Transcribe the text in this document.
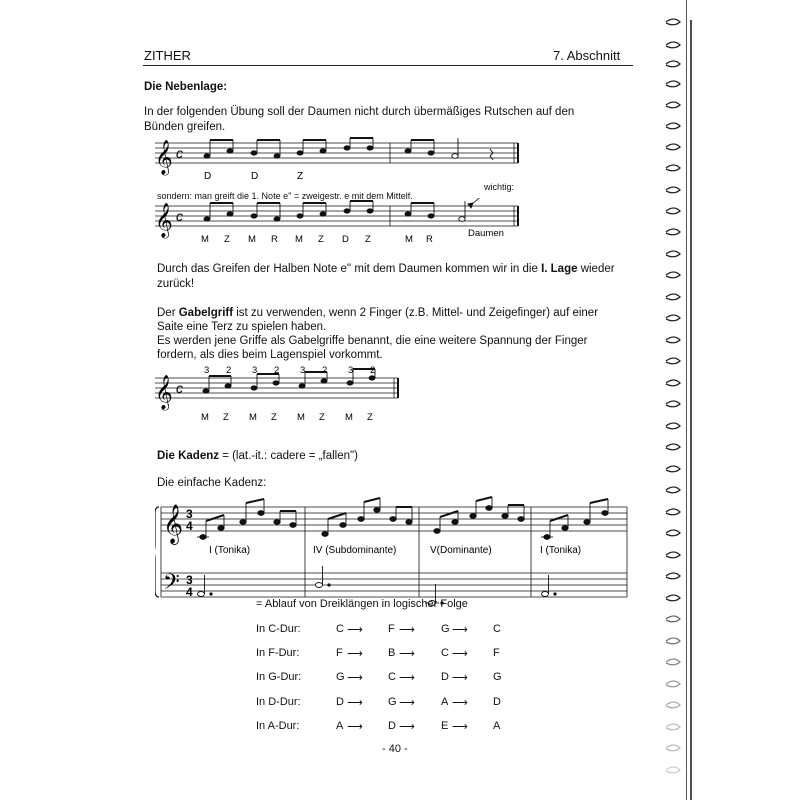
ZITHER	7. Abschnitt
Die Nebenlage:
In der folgenden Übung soll der Daumen nicht durch übermäßiges Rutschen auf den
Bünden greifen.
𝄞 c
D	D	Z
sondern: man greift die 1. Note e'' = zweigestr. e mit dem Mittelf.
wichtig:
𝄞 c
M Z M R M Z D Z	M R
Daumen
Durch das Greifen der Halben Note e'' mit dem Daumen kommen wir in die I. Lage wieder
zurück!
Der Gabelgriff ist zu verwenden, wenn 2 Finger (z.B. Mittel- und Zeigefinger) auf einer
Saite eine Terz zu spielen haben.
Es werden jene Griffe als Gabelgriffe benannt, die eine weitere Spannung der Finger
fordern, als dies beim Lagenspiel vorkommt.
𝄞 c
3 2 3 2 3 2 3 2
M Z M Z M Z M Z
Die Kadenz = (lat.-it.: cadere = „fallen")
Die einfache Kadenz:
𝄞
𝄢
3
4
3
4
I (Tonika)	IV (Subdominante)	V(Dominante)	I (Tonika)
= Ablauf von Dreiklängen in logischer Folge
In C-Dur:	C ⟶ F ⟶ G ⟶ C
In F-Dur:	F ⟶ B ⟶ C ⟶ F
In G-Dur:	G ⟶ C ⟶ D ⟶ G
In D-Dur:	D ⟶ G ⟶ A ⟶ D
In A-Dur:	A ⟶ D ⟶ E ⟶ A
- 40 -
